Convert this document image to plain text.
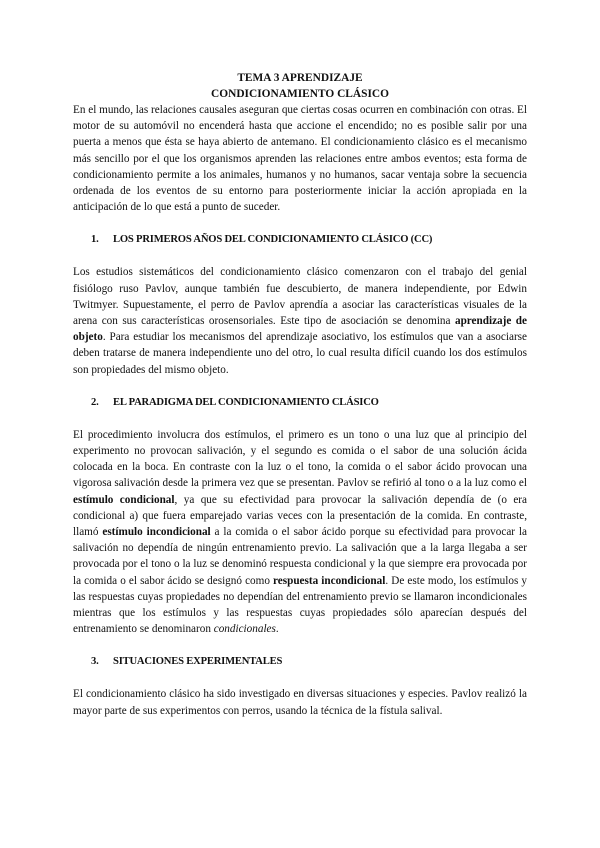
TEMA 3 APRENDIZAJE
CONDICIONAMIENTO CLÁSICO

En el mundo, las relaciones causales aseguran que ciertas cosas ocurren en combinación con otras. El motor de su automóvil no encenderá hasta que accione el encendido; no es posible salir por una puerta a menos que ésta se haya abierto de antemano. El condicionamiento clásico es el mecanismo más sencillo por el que los organismos aprenden las relaciones entre ambos eventos; esta forma de condicionamiento permite a los animales, humanos y no humanos, sacar ventaja sobre la secuencia ordenada de los eventos de su entorno para posteriormente iniciar la acción apropiada en la anticipación de lo que está a punto de suceder.

1. LOS PRIMEROS AÑOS DEL CONDICIONAMIENTO CLÁSICO (CC)

Los estudios sistemáticos del condicionamiento clásico comenzaron con el trabajo del genial fisiólogo ruso Pavlov, aunque también fue descubierto, de manera independiente, por Edwin Twitmyer. Supuestamente, el perro de Pavlov aprendía a asociar las características visuales de la arena con sus características orosensoriales. Este tipo de asociación se denomina aprendizaje de objeto. Para estudiar los mecanismos del aprendizaje asociativo, los estímulos que van a asociarse deben tratarse de manera independiente uno del otro, lo cual resulta difícil cuando los dos estímulos son propiedades del mismo objeto.

2. EL PARADIGMA DEL CONDICIONAMIENTO CLÁSICO

El procedimiento involucra dos estímulos, el primero es un tono o una luz que al principio del experimento no provocan salivación, y el segundo es comida o el sabor de una solución ácida colocada en la boca. En contraste con la luz o el tono, la comida o el sabor ácido provocan una vigorosa salivación desde la primera vez que se presentan. Pavlov se refirió al tono o a la luz como el estímulo condicional, ya que su efectividad para provocar la salivación dependía de (o era condicional a) que fuera emparejado varias veces con la presentación de la comida. En contraste, llamó estímulo incondicional a la comida o el sabor ácido porque su efectividad para provocar la salivación no dependía de ningún entrenamiento previo. La salivación que a la larga llegaba a ser provocada por el tono o la luz se denominó respuesta condicional y la que siempre era provocada por la comida o el sabor ácido se designó como respuesta incondicional. De este modo, los estímulos y las respuestas cuyas propiedades no dependían del entrenamiento previo se llamaron incondicionales mientras que los estímulos y las respuestas cuyas propiedades sólo aparecían después del entrenamiento se denominaron condicionales.

3. SITUACIONES EXPERIMENTALES

El condicionamiento clásico ha sido investigado en diversas situaciones y especies. Pavlov realizó la mayor parte de sus experimentos con perros, usando la técnica de la fístula salival.
